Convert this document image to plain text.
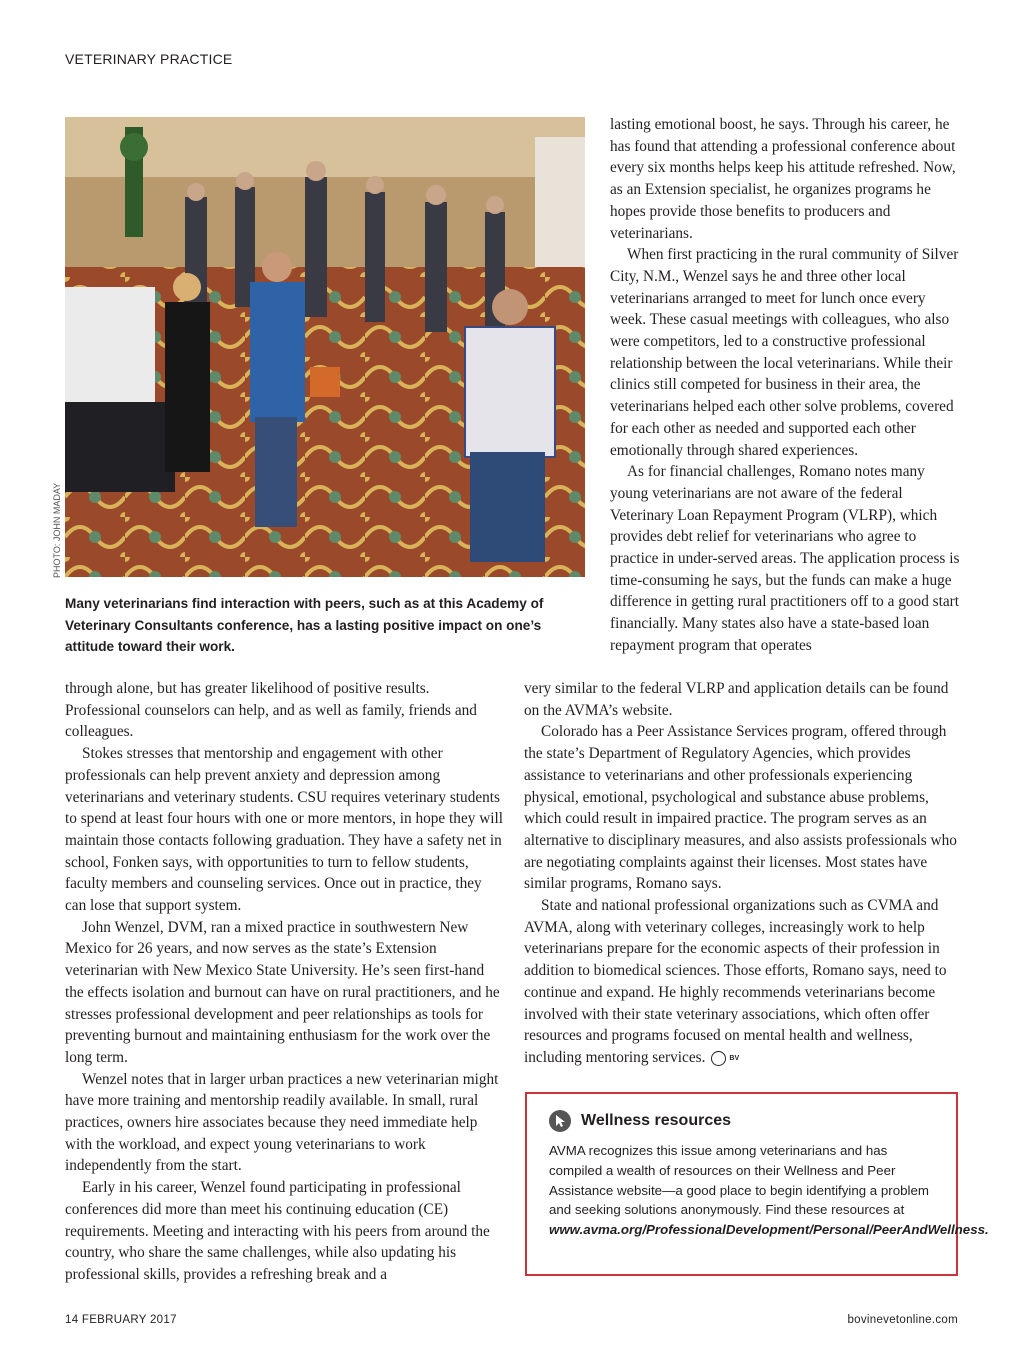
VETERINARY PRACTICE
PHOTO: JOHN MADAY
Many veterinarians find interaction with peers, such as at this Academy of Veterinary Consultants conference, has a lasting positive impact on one’s attitude toward their work.

lasting emotional boost, he says. Through his career, he has found that attending a professional conference about every six months helps keep his attitude refreshed. Now, as an Extension specialist, he organizes programs he hopes provide those benefits to producers and veterinarians.

When first practicing in the rural community of Silver City, N.M., Wenzel says he and three other local veterinarians arranged to meet for lunch once every week. These casual meetings with colleagues, who also were competitors, led to a constructive professional relationship between the local veterinarians. While their clinics still competed for business in their area, the veterinarians helped each other solve problems, covered for each other as needed and supported each other emotionally through shared experiences.

As for financial challenges, Romano notes many young veterinarians are not aware of the federal Veterinary Loan Repayment Program (VLRP), which provides debt relief for veterinarians who agree to practice in under-served areas. The application process is time-consuming he says, but the funds can make a huge difference in getting rural practitioners off to a good start financially. Many states also have a state-based loan repayment program that operates

very similar to the federal VLRP and application details can be found on the AVMA’s website.

Colorado has a Peer Assistance Services program, offered through the state’s Department of Regulatory Agencies, which provides assistance to veterinarians and other professionals experiencing physical, emotional, psychological and substance abuse problems, which could result in impaired practice. The program serves as an alternative to disciplinary measures, and also assists professionals who are negotiating complaints against their licenses. Most states have similar programs, Romano says.

State and national professional organizations such as CVMA and AVMA, along with veterinary colleges, increasingly work to help veterinarians prepare for the economic aspects of their profession in addition to biomedical sciences. Those efforts, Romano says, need to continue and expand. He highly recommends veterinarians become involved with their state veterinary associations, which often offer resources and programs focused on mental health and wellness, including mentoring services.	BV

through alone, but has greater likelihood of positive results. Professional counselors can help, and as well as family, friends and colleagues.

Stokes stresses that mentorship and engagement with other professionals can help prevent anxiety and depression among veterinarians and veterinary students. CSU requires veterinary students to spend at least four hours with one or more mentors, in hope they will maintain those contacts following graduation. They have a safety net in school, Fonken says, with opportunities to turn to fellow students, faculty members and counseling services. Once out in practice, they can lose that support system.

John Wenzel, DVM, ran a mixed practice in southwestern New Mexico for 26 years, and now serves as the state’s Extension veterinarian with New Mexico State University. He’s seen first-hand the effects isolation and burnout can have on rural practitioners, and he stresses professional development and peer relationships as tools for preventing burnout and maintaining enthusiasm for the work over the long term.

Wenzel notes that in larger urban practices a new veterinarian might have more training and mentorship readily available. In small, rural practices, owners hire associates because they need immediate help with the workload, and expect young veterinarians to work independently from the start.

Early in his career, Wenzel found participating in professional conferences did more than meet his continuing education (CE) requirements. Meeting and interacting with his peers from around the country, who share the same challenges, while also updating his professional skills, provides a refreshing break and a

Wellness resources
AVMA recognizes this issue among veterinarians and has compiled a wealth of resources on their Wellness and Peer Assistance website—a good place to begin identifying a problem and seeking solutions anonymously. Find these resources at www.avma.org/ProfessionalDevelopment/Personal/PeerAndWellness.
14 FEBRUARY 2017	bovinevetonline.com
